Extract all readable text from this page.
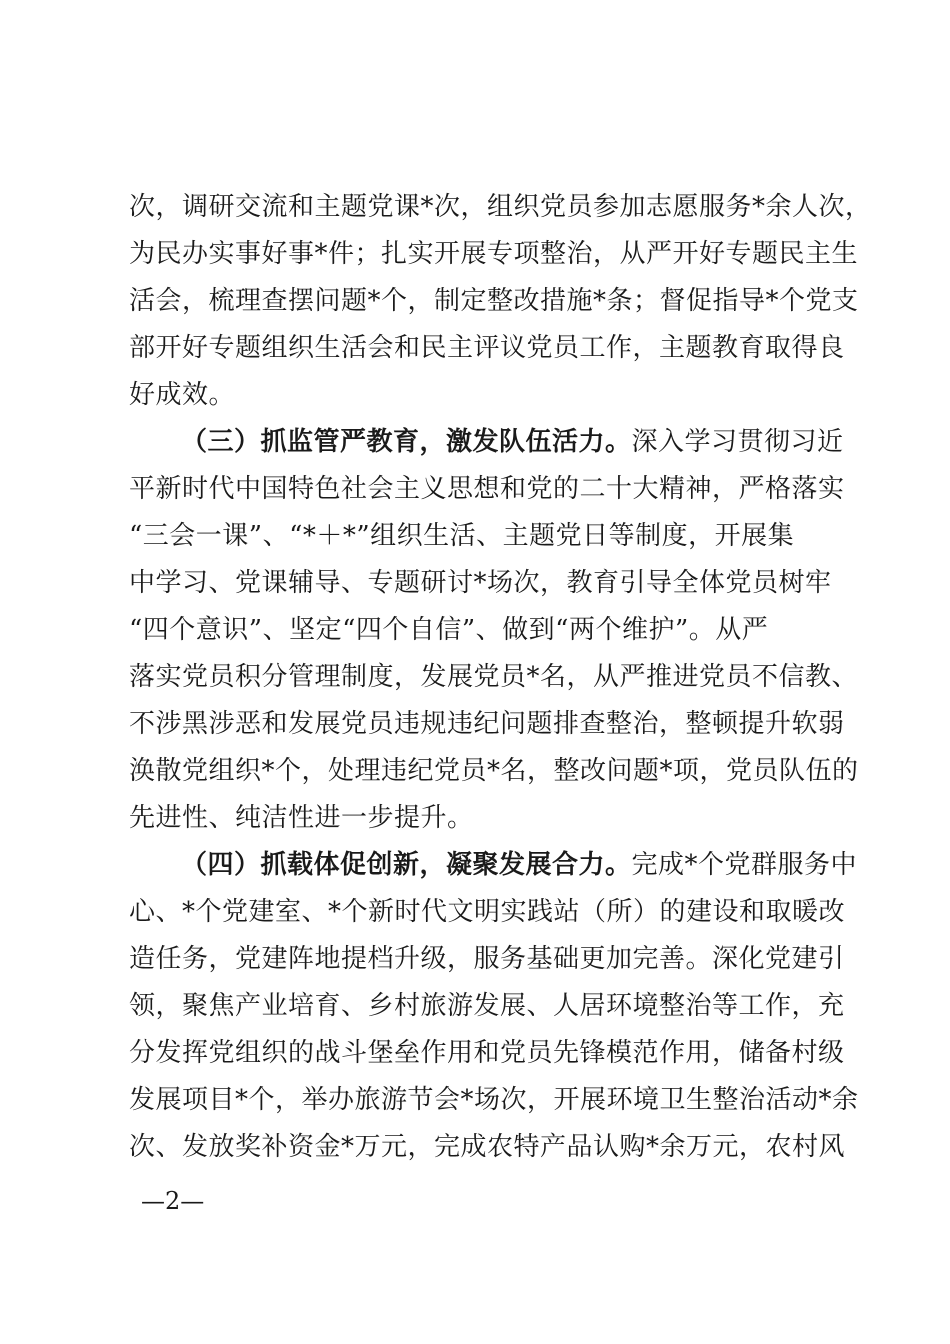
次，调研交流和主题党课*次，组织党员参加志愿服务*余人次，
为民办实事好事*件；扎实开展专项整治，从严开好专题民主生
活会，梳理查摆问题*个，制定整改措施*条；督促指导*个党支
部开好专题组织生活会和民主评议党员工作，主题教育取得良
好成效。
（三）抓监管严教育，激发队伍活力。深入学习贯彻习近
平新时代中国特色社会主义思想和党的二十大精神，严格落实
“三会一课”、“*＋*”组织生活、主题党日等制度，开展集
中学习、党课辅导、专题研讨*场次，教育引导全体党员树牢
“四个意识”、坚定“四个自信”、做到“两个维护”。从严
落实党员积分管理制度，发展党员*名，从严推进党员不信教、
不涉黑涉恶和发展党员违规违纪问题排查整治，整顿提升软弱
涣散党组织*个，处理违纪党员*名，整改问题*项，党员队伍的
先进性、纯洁性进一步提升。
（四）抓载体促创新，凝聚发展合力。完成*个党群服务中
心、*个党建室、*个新时代文明实践站（所）的建设和取暖改
造任务，党建阵地提档升级，服务基础更加完善。深化党建引
领，聚焦产业培育、乡村旅游发展、人居环境整治等工作，充
分发挥党组织的战斗堡垒作用和党员先锋模范作用，储备村级
发展项目*个，举办旅游节会*场次，开展环境卫生整治活动*余
次、发放奖补资金*万元，完成农特产品认购*余万元，农村风
—2—
